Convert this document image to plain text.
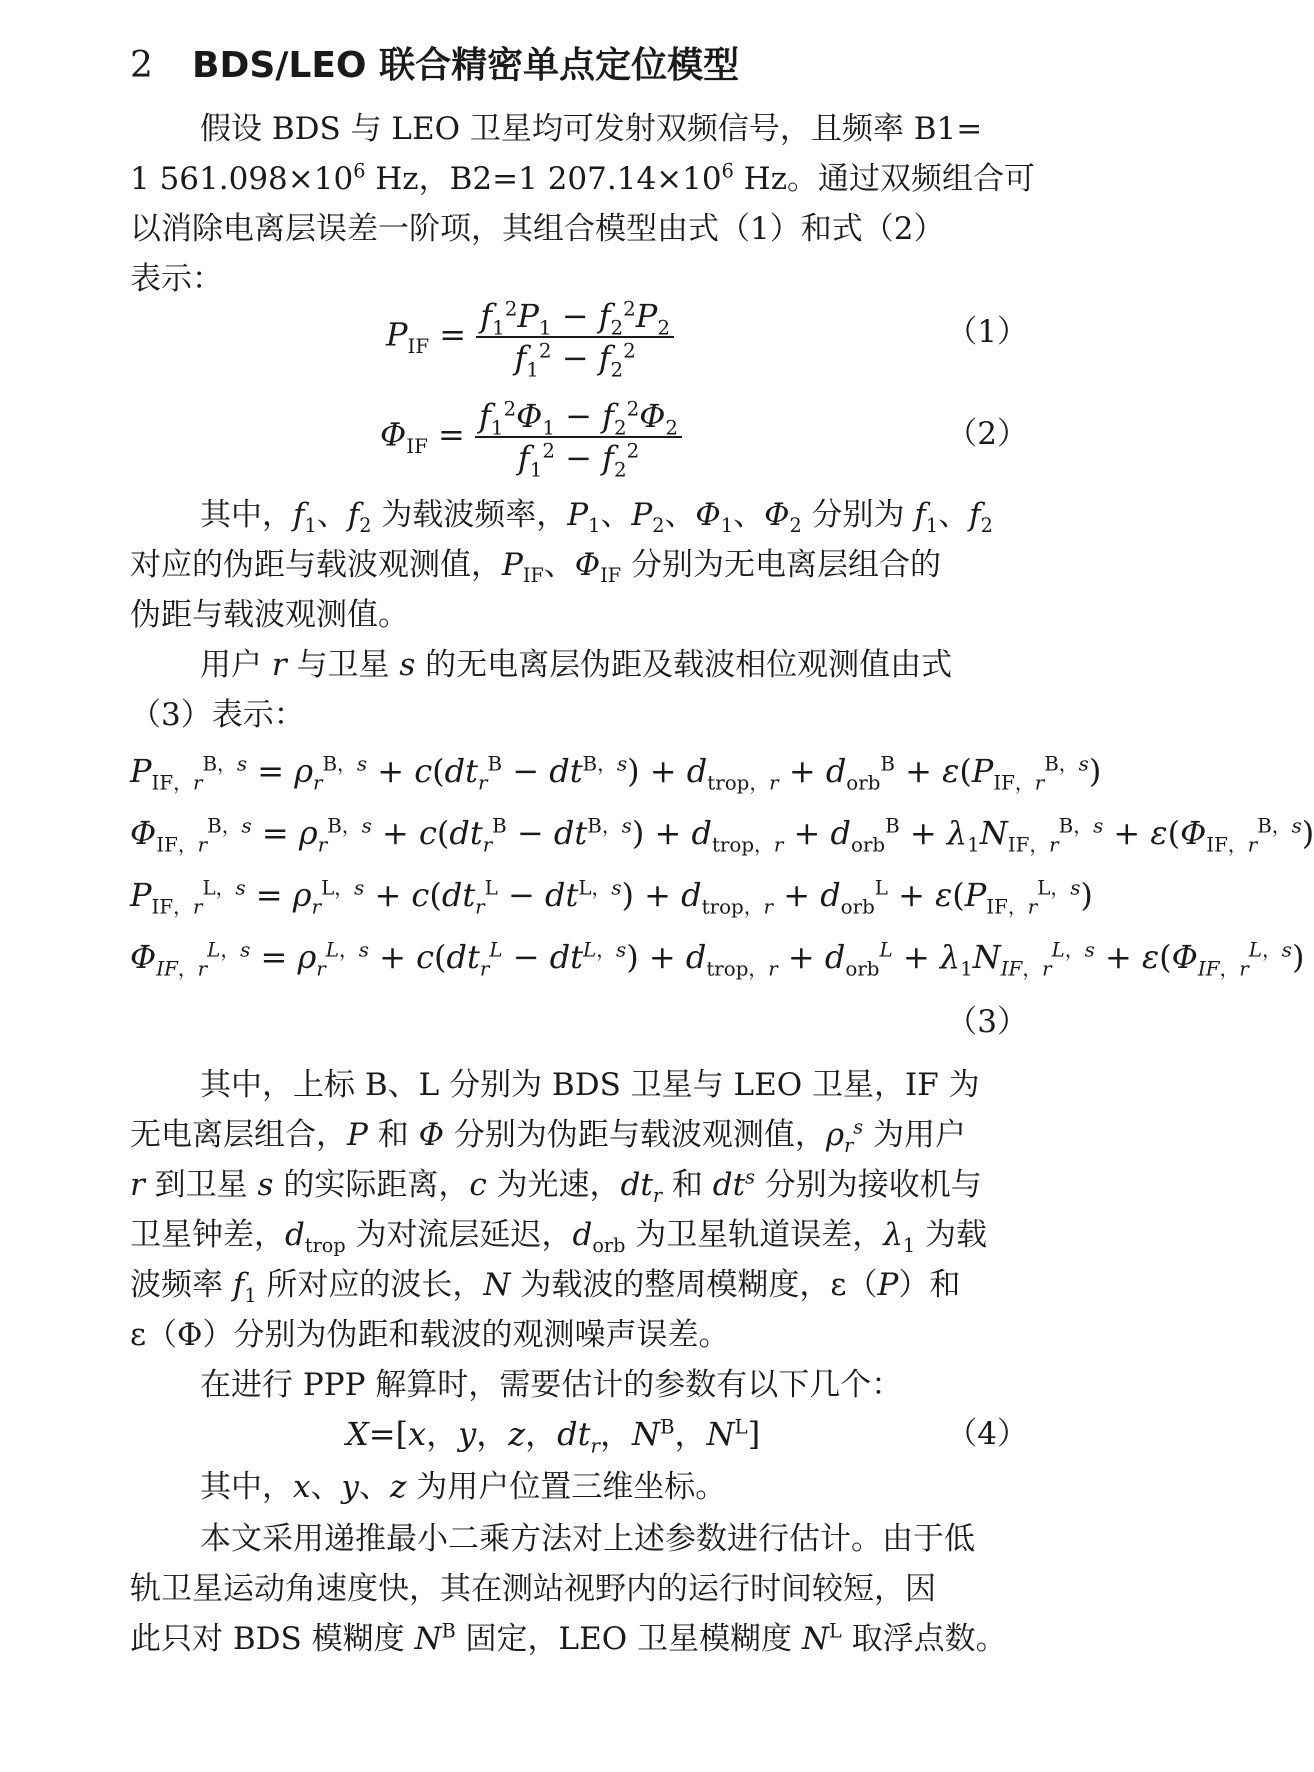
2 BDS/LEO 联合精密单点定位模型
假设 BDS 与 LEO 卫星均可发射双频信号，且频率 B1=
1 $561.098\times 10^6$ Hz，B2=1 $207.14\times 10^6$ Hz。通过双频组合可
以消除电离层误差一阶项，其组合模型由式（1）和式（2）
表示：
$P_{IF} = \frac{f_1^2P_1 - f_2^2P_2}{f_1^2 - f_2^2}$	（1）
$\Phi_{IF} = \frac{f_1^2\Phi_1 - f_2^2\Phi_2}{f_1^2 - f_2^2}$	（2）
其中，$f_1$、$f_2$ 为载波频率，$P_1$、$P_2$、$\Phi_1$、$\Phi_2$ 分别为 $f_1$、$f_2$
对应的伪距与载波观测值，$P_{IF}$、$\Phi_{IF}$ 分别为无电离层组合的
伪距与载波观测值。
用户 r 与卫星 s 的无电离层伪距及载波相位观测值由式
（3）表示：
$P_{IF,r}^{B,s} = \rho_r^{B,s} + c(dt_r^B - dt^{B,s}) + d_{trop,r} + d_{orb}^B + \varepsilon(P_{IF,r}^{B,s})$
$\Phi_{IF,r}^{B,s} = \rho_r^{B,s} + c(dt_r^B - dt^{B,s}) + d_{trop,r} + d_{orb}^B + \lambda_1N_{IF,r}^{B,s} + \varepsilon(\Phi_{IF,r}^{B,s})$
$P_{IF,r}^{L,s} = \rho_r^{L,s} + c(dt_r^L - dt^{L,s}) + d_{trop,r} + d_{orb}^L + \varepsilon(P_{IF,r}^{L,s})$
$\Phi_{IF,r}^{L,s} = \rho_r^{L,s} + c(dt_r^L - dt^{L,s}) + d_{trop,r} + d_{orb}^L + \lambda_1N_{IF,r}^{L,s} + \varepsilon(\Phi_{IF,r}^{L,s})$
（3）
其中，上标 B、L 分别为 BDS 卫星与 LEO 卫星，IF 为
无电离层组合，P 和 Φ 分别为伪距与载波观测值，$\rho_r^s$ 为用户
r 到卫星 s 的实际距离，c 为光速，$dt_r$ 和 $dt^s$ 分别为接收机与
卫星钟差，$d_{trop}$ 为对流层延迟，$d_{orb}$ 为卫星轨道误差，$\lambda_1$ 为载
波频率 $f_1$ 所对应的波长，N 为载波的整周模糊度，ε（P）和
ε（Φ）分别为伪距和载波的观测噪声误差。
在进行 PPP 解算时，需要估计的参数有以下几个：
X=[x，y，z，$dt_r$，$N^B$，$N^L$]	（4）
其中，x、y、z 为用户位置三维坐标。
本文采用递推最小二乘方法对上述参数进行估计。由于低
轨卫星运动角速度快，其在测站视野内的运行时间较短，因
此只对 BDS 模糊度 $N^B$ 固定，LEO 卫星模糊度 $N^L$ 取浮点数。
